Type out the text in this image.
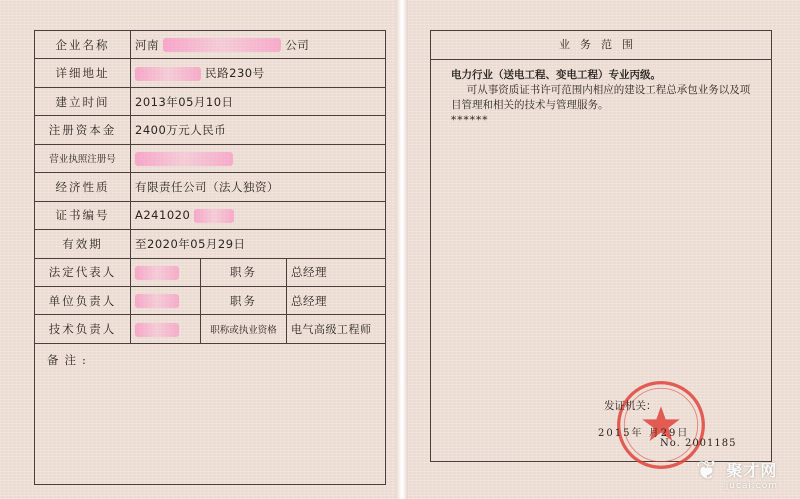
企业名称	河南 公司		
详细地址	民路230号		
建立时间	2013年05月10日		
注册资本金	2400万元人民币		
营业执照注册号			
经济性质	有限责任公司（法人独资）		
证书编号	A241020		
有效期	至2020年05月29日		
法定代表人		职务	总经理
单位负责人		职务	总经理
技术负责人		职称或执业资格	电气高级工程师
备注:			
业务范围
电力行业（送电工程、变电工程）专业丙级。
可从事资质证书许可范围内相应的建设工程总承包业务以及项目管理和相关的技术与管理服务。
******
发证机关：
2015年 月29日
No. 2001185
❦ 聚才网
jucai.com
